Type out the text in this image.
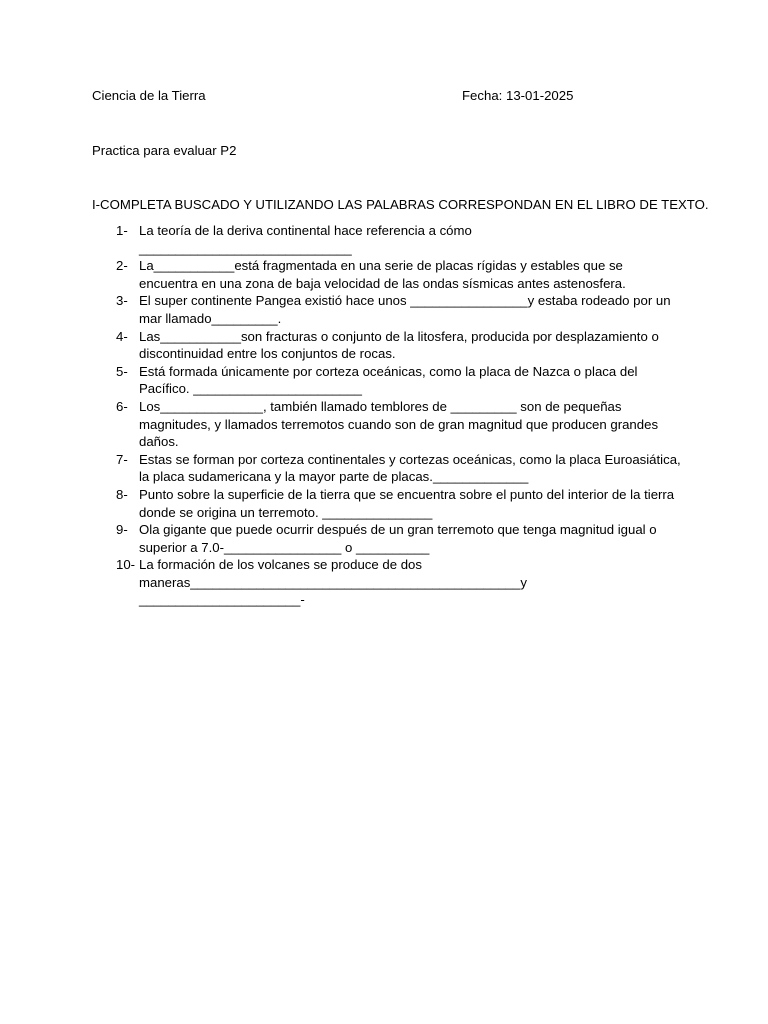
Ciencia de la Tierra	Fecha: 13-01-2025
Practica para evaluar P2
I-COMPLETA BUSCADO Y UTILIZANDO LAS PALABRAS CORRESPONDAN EN EL LIBRO DE TEXTO.
1- La teoría de la deriva continental hace referencia a cómo _____________________________
2- La___________está fragmentada en una serie de placas rígidas y estables que se encuentra en una zona de baja velocidad de las ondas sísmicas antes astenosfera.
3- El super continente Pangea existió hace unos ________________y estaba rodeado por un mar llamado_________.
4- Las___________son fracturas o conjunto de la litosfera, producida por desplazamiento o discontinuidad entre los conjuntos de rocas.
5- Está formada únicamente por corteza oceánicas, como la placa de Nazca o placa del Pacífico. _______________________
6- Los______________, también llamado temblores de _________ son de pequeñas magnitudes, y llamados terremotos cuando son de gran magnitud que producen grandes daños.
7- Estas se forman por corteza continentales y cortezas oceánicas, como la placa Euroasiática, la placa sudamericana y la mayor parte de placas._____________
8- Punto sobre la superficie de la tierra que se encuentra sobre el punto del interior de la tierra donde se origina un terremoto. _______________
9- Ola gigante que puede ocurrir después de un gran terremoto que tenga magnitud igual o superior a 7.0-________________ o __________
10- La formación de los volcanes se produce de dos maneras_____________________________________________y ______________________-
